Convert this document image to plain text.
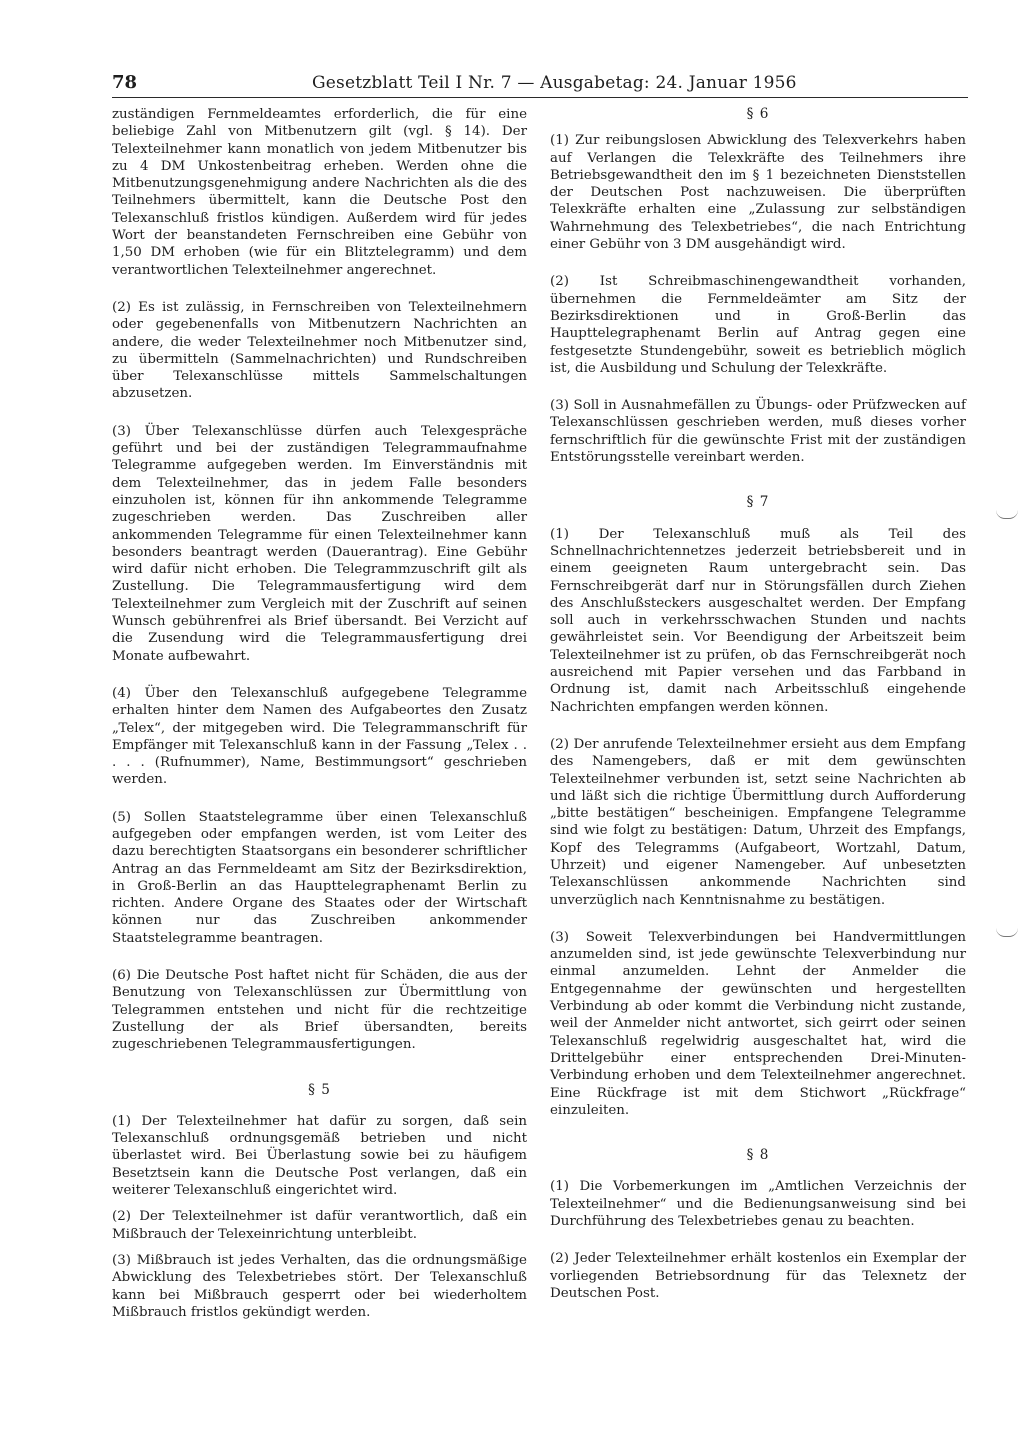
78	Gesetzblatt Teil I Nr. 7 — Ausgabetag: 24. Januar 1956

zuständigen Fernmeldeamtes erforderlich, die für eine beliebige Zahl von Mitbenutzern gilt (vgl. § 14). Der Telexteilnehmer kann monatlich von jedem Mitbenutzer bis zu 4 DM Unkostenbeitrag erheben. Werden ohne die Mitbenutzungsgenehmigung andere Nachrichten als die des Teilnehmers übermittelt, kann die Deutsche Post den Telexanschluß fristlos kündigen. Außerdem wird für jedes Wort der beanstandeten Fernschreiben eine Gebühr von 1,50 DM erhoben (wie für ein Blitztelegramm) und dem verantwortlichen Telexteilnehmer angerechnet.

(2) Es ist zulässig, in Fernschreiben von Telexteilnehmern oder gegebenenfalls von Mitbenutzern Nachrichten an andere, die weder Telexteilnehmer noch Mitbenutzer sind, zu übermitteln (Sammelnachrichten) und Rundschreiben über Telexanschlüsse mittels Sammelschaltungen abzusetzen.

(3) Über Telexanschlüsse dürfen auch Telexgespräche geführt und bei der zuständigen Telegrammaufnahme Telegramme aufgegeben werden. Im Einverständnis mit dem Telexteilnehmer, das in jedem Falle besonders einzuholen ist, können für ihn ankommende Telegramme zugeschrieben werden. Das Zuschreiben aller ankommenden Telegramme für einen Telexteilnehmer kann besonders beantragt werden (Dauerantrag). Eine Gebühr wird dafür nicht erhoben. Die Telegrammzuschrift gilt als Zustellung. Die Telegrammausfertigung wird dem Telexteilnehmer zum Vergleich mit der Zuschrift auf seinen Wunsch gebührenfrei als Brief übersandt. Bei Verzicht auf die Zusendung wird die Telegrammausfertigung drei Monate aufbewahrt.

(4) Über den Telexanschluß aufgegebene Telegramme erhalten hinter dem Namen des Aufgabeortes den Zusatz „Telex“, der mitgegeben wird. Die Telegrammanschrift für Empfänger mit Telexanschluß kann in der Fassung „Telex . . . . . (Rufnummer), Name, Bestimmungsort“ geschrieben werden.

(5) Sollen Staatstelegramme über einen Telexanschluß aufgegeben oder empfangen werden, ist vom Leiter des dazu berechtigten Staatsorgans ein besonderer schriftlicher Antrag an das Fernmeldeamt am Sitz der Bezirksdirektion, in Groß-Berlin an das Haupttelegraphenamt Berlin zu richten. Andere Organe des Staates oder der Wirtschaft können nur das Zuschreiben ankommender Staatstelegramme beantragen.

(6) Die Deutsche Post haftet nicht für Schäden, die aus der Benutzung von Telexanschlüssen zur Übermittlung von Telegrammen entstehen und nicht für die rechtzeitige Zustellung der als Brief übersandten, bereits zugeschriebenen Telegrammausfertigungen.

§ 5

(1) Der Telexteilnehmer hat dafür zu sorgen, daß sein Telexanschluß ordnungsgemäß betrieben und nicht überlastet wird. Bei Überlastung sowie bei zu häufigem Besetztsein kann die Deutsche Post verlangen, daß ein weiterer Telexanschluß eingerichtet wird.

(2) Der Telexteilnehmer ist dafür verantwortlich, daß ein Mißbrauch der Telexeinrichtung unterbleibt.

(3) Mißbrauch ist jedes Verhalten, das die ordnungsmäßige Abwicklung des Telexbetriebes stört. Der Telexanschluß kann bei Mißbrauch gesperrt oder bei wiederholtem Mißbrauch fristlos gekündigt werden.

§ 6

(1) Zur reibungslosen Abwicklung des Telexverkehrs haben auf Verlangen die Telexkräfte des Teilnehmers ihre Betriebsgewandtheit den im § 1 bezeichneten Dienststellen der Deutschen Post nachzuweisen. Die überprüften Telexkräfte erhalten eine „Zulassung zur selbständigen Wahrnehmung des Telexbetriebes“, die nach Entrichtung einer Gebühr von 3 DM ausgehändigt wird.

(2) Ist Schreibmaschinengewandtheit vorhanden, übernehmen die Fernmeldeämter am Sitz der Bezirksdirektionen und in Groß-Berlin das Haupttelegraphenamt Berlin auf Antrag gegen eine festgesetzte Stundengebühr, soweit es betrieblich möglich ist, die Ausbildung und Schulung der Telexkräfte.

(3) Soll in Ausnahmefällen zu Übungs- oder Prüfzwecken auf Telexanschlüssen geschrieben werden, muß dieses vorher fernschriftlich für die gewünschte Frist mit der zuständigen Entstörungsstelle vereinbart werden.

§ 7

(1) Der Telexanschluß muß als Teil des Schnellnachrichtennetzes jederzeit betriebsbereit und in einem geeigneten Raum untergebracht sein. Das Fernschreibgerät darf nur in Störungsfällen durch Ziehen des Anschlußsteckers ausgeschaltet werden. Der Empfang soll auch in verkehrsschwachen Stunden und nachts gewährleistet sein. Vor Beendigung der Arbeitszeit beim Telexteilnehmer ist zu prüfen, ob das Fernschreibgerät noch ausreichend mit Papier versehen und das Farbband in Ordnung ist, damit nach Arbeitsschluß eingehende Nachrichten empfangen werden können.

(2) Der anrufende Telexteilnehmer ersieht aus dem Empfang des Namengebers, daß er mit dem gewünschten Telexteilnehmer verbunden ist, setzt seine Nachrichten ab und läßt sich die richtige Übermittlung durch Aufforderung „bitte bestätigen“ bescheinigen. Empfangene Telegramme sind wie folgt zu bestätigen: Datum, Uhrzeit des Empfangs, Kopf des Telegramms (Aufgabeort, Wortzahl, Datum, Uhrzeit) und eigener Namengeber. Auf unbesetzten Telexanschlüssen ankommende Nachrichten sind unverzüglich nach Kenntnisnahme zu bestätigen.

(3) Soweit Telexverbindungen bei Handvermittlungen anzumelden sind, ist jede gewünschte Telexverbindung nur einmal anzumelden. Lehnt der Anmelder die Entgegennahme der gewünschten und hergestellten Verbindung ab oder kommt die Verbindung nicht zustande, weil der Anmelder nicht antwortet, sich geirrt oder seinen Telexanschluß regelwidrig ausgeschaltet hat, wird die Drittelgebühr einer entsprechenden Drei-Minuten-Verbindung erhoben und dem Telexteilnehmer angerechnet. Eine Rückfrage ist mit dem Stichwort „Rückfrage“ einzuleiten.

§ 8

(1) Die Vorbemerkungen im „Amtlichen Verzeichnis der Telexteilnehmer“ und die Bedienungsanweisung sind bei Durchführung des Telexbetriebes genau zu beachten.

(2) Jeder Telexteilnehmer erhält kostenlos ein Exemplar der vorliegenden Betriebsordnung für das Telexnetz der Deutschen Post.
